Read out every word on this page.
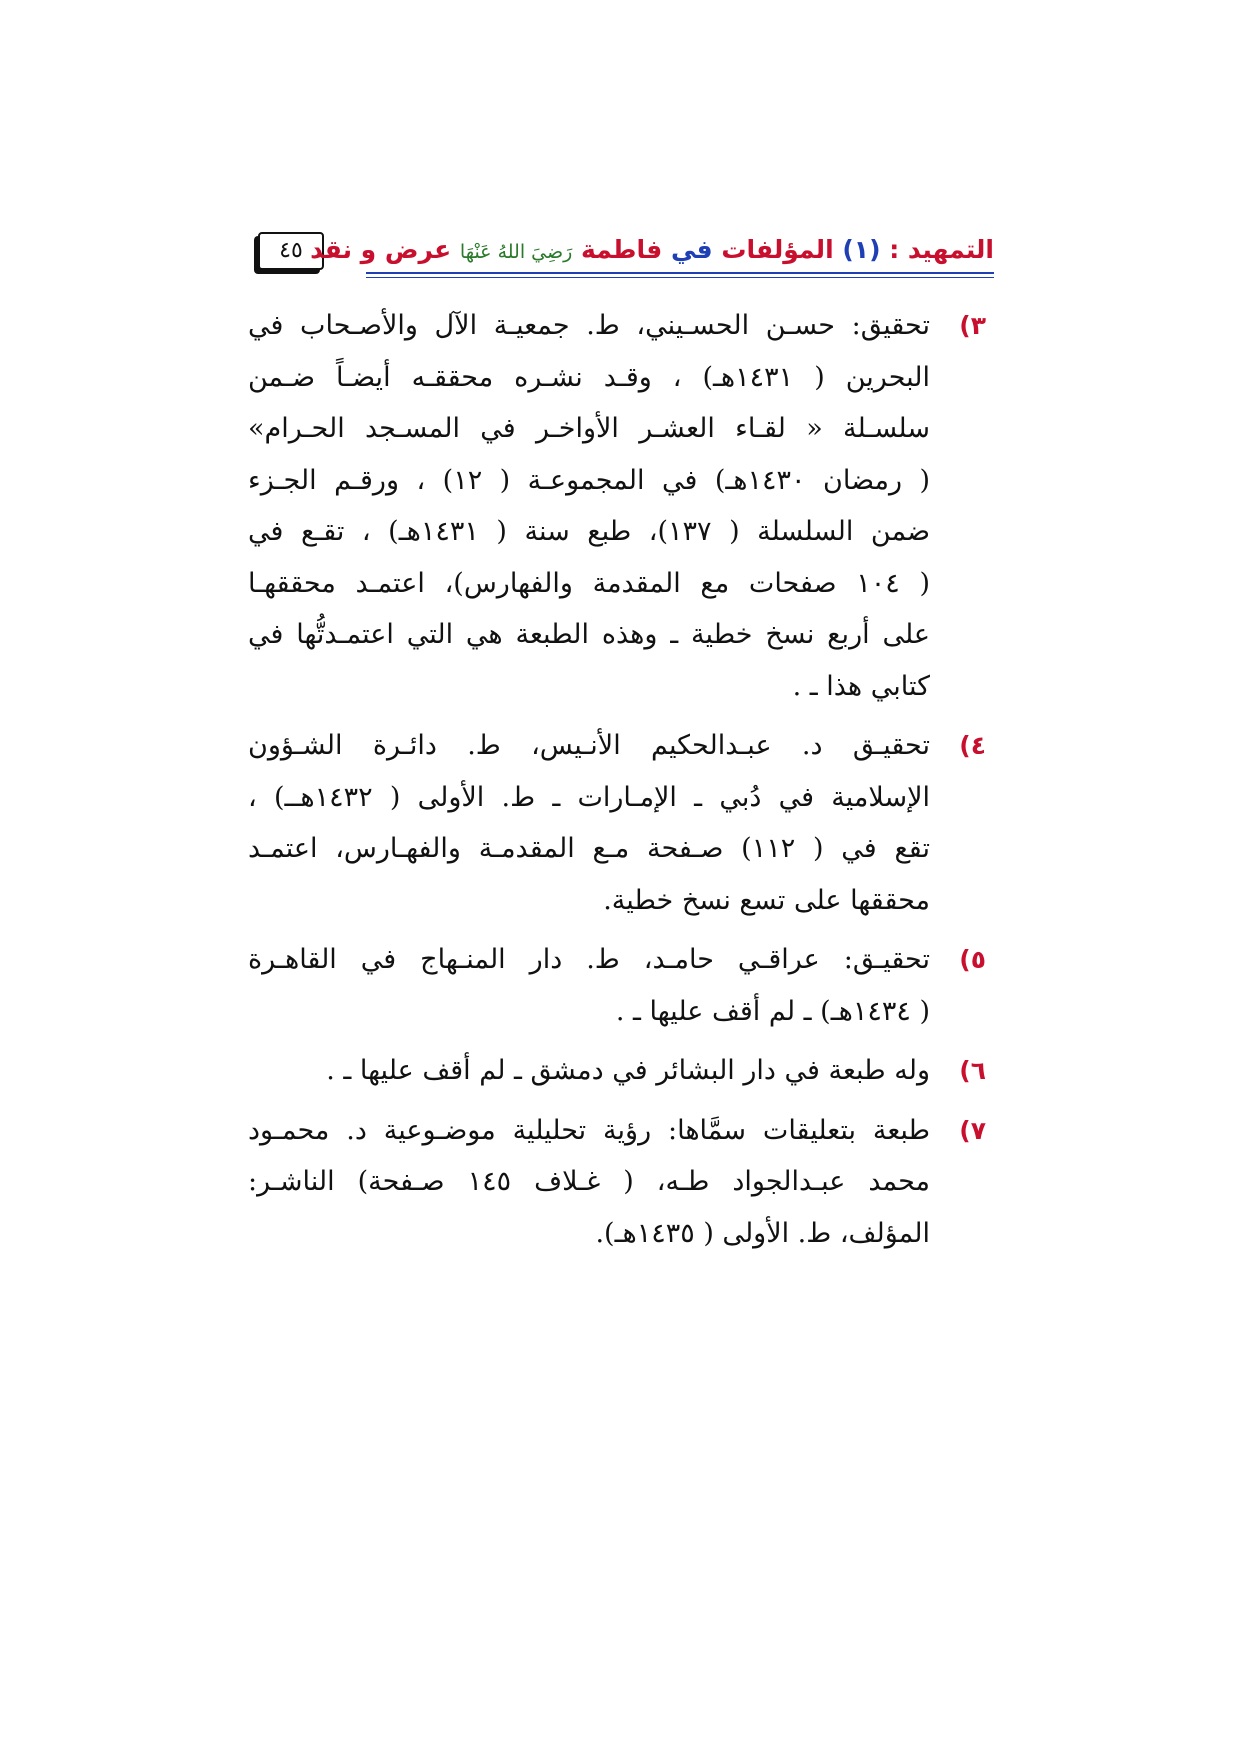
٤٥	التمهيد : (١) المؤلفات في فاطمة رَضِيَ اللهُ عَنْهَا عرض و نقد
٣)
تحقيق: حسـن الحسـيني، ط. جمعيـة الآل والأصـحاب في
البحرين ( ١٤٣١هـ) ، وقـد نشـره محققـه أيضـاً ضـمن
سلسـلة « لقـاء العشـر الأواخـر في المسـجد الحـرام»
( رمضان ١٤٣٠هـ) في المجموعـة ( ١٢) ، ورقـم الجـزء
ضمن السلسلة ( ١٣٧)، طبع سنة ( ١٤٣١هـ) ، تقـع في
( ١٠٤ صفحات مع المقدمة والفهارس)، اعتمـد محققهـا
على أربع نسخ خطية ـ وهذه الطبعة هي التي اعتمـدتُّها في
كتابي هذا ـ .
٤)
تحقيـق د. عبـدالحكيم الأنـيس، ط. دائـرة الشـؤون
الإسلامية في دُبي ـ الإمـارات ـ ط. الأولى ( ١٤٣٢هــ) ،
تقع في ( ١١٢) صـفحة مـع المقدمـة والفهـارس، اعتمـد
محققها على تسع نسخ خطية.
٥)
تحقيـق: عراقـي حامـد، ط. دار المنـهاج في القاهـرة
( ١٤٣٤هـ) ـ لم أقف عليها ـ .
٦)
وله طبعة في دار البشائر في دمشق ـ لم أقف عليها ـ .
٧)
طبعة بتعليقات سمَّاها: رؤية تحليلية موضـوعية د. محمـود
محمد عبـدالجواد طـه، ( غـلاف ١٤٥ صـفحة) الناشـر:
المؤلف، ط. الأولى ( ١٤٣٥هـ).
